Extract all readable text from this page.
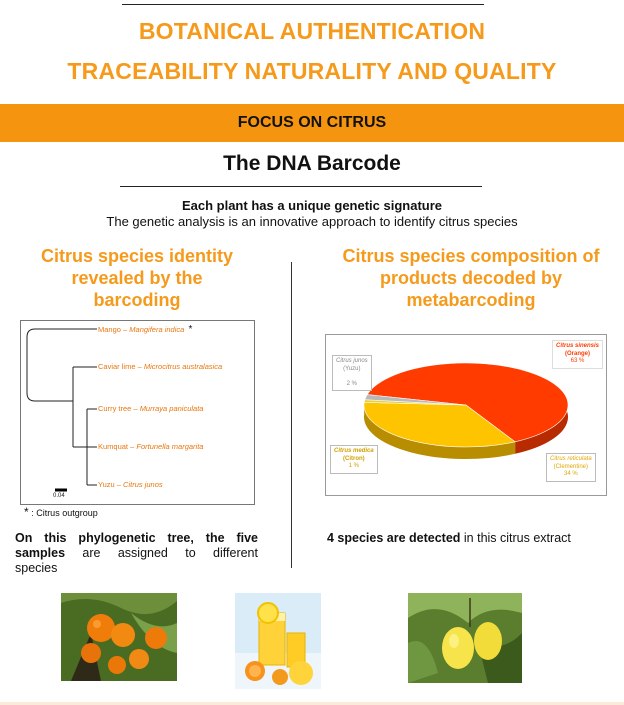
BOTANICAL AUTHENTICATION
TRACEABILITY NATURALITY AND QUALITY
FOCUS ON CITRUS
The DNA Barcode
Each plant has a unique genetic signature
The genetic analysis is an innovative approach to identify citrus species
Citrus species identity
revealed by the
barcoding
Mango – Mangifera indica *
Caviar lime – Microcitrus australasica
Curry tree – Murraya paniculata
Kumquat – Fortunella margarita
Yuzu – Citrus junos
0.04
* : Citrus outgroup
On this phylogenetic tree, the five
samples are assigned to different
species
Citrus species composition of
products decoded by
metabarcoding
Citrus sinensis
(Orange)
63 %
Citrus reticulata
(Clementine)
34 %
Citrus medica
(Citron)
1 %
Citrus junos
(Yuzu)

2 %
4 species are detected in this citrus extract
